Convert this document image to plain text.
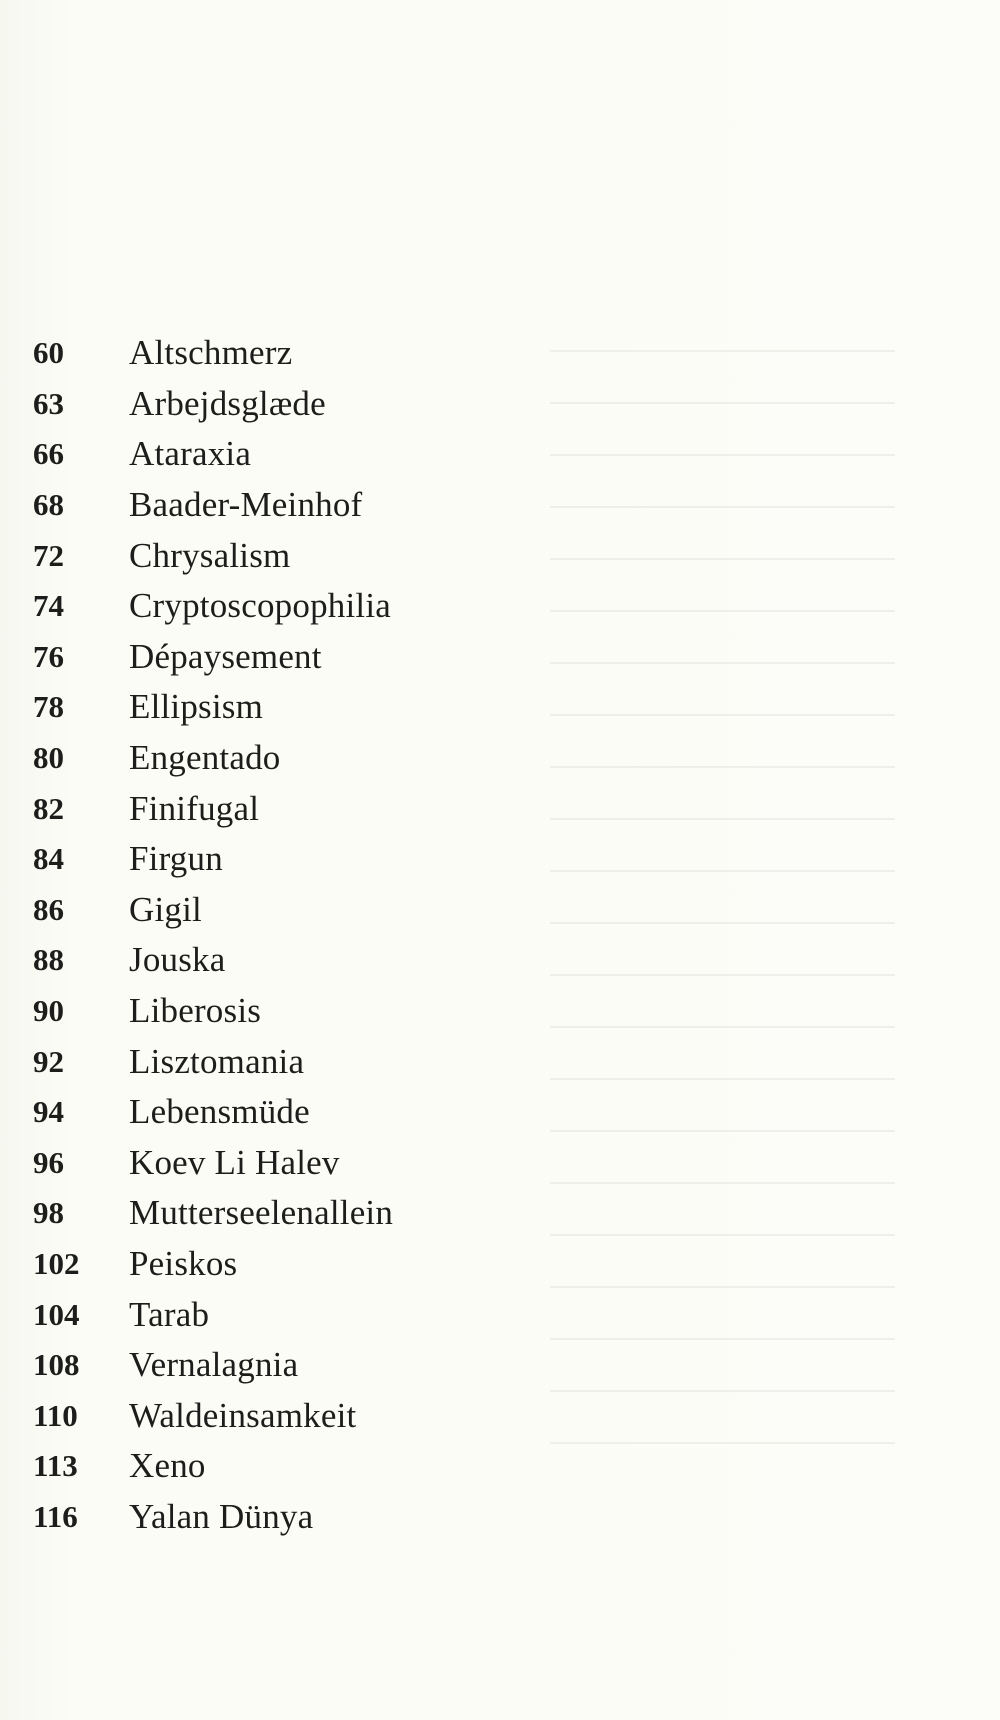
60	Altschmerz
63	Arbejdsglæde
66	Ataraxia
68	Baader-Meinhof
72	Chrysalism
74	Cryptoscopophilia
76	Dépaysement
78	Ellipsism
80	Engentado
82	Finifugal
84	Firgun
86	Gigil
88	Jouska
90	Liberosis
92	Lisztomania
94	Lebensmüde
96	Koev Li Halev
98	Mutterseelenallein
102	Peiskos
104	Tarab
108	Vernalagnia
110	Waldeinsamkeit
113	Xeno
116	Yalan Dünya
